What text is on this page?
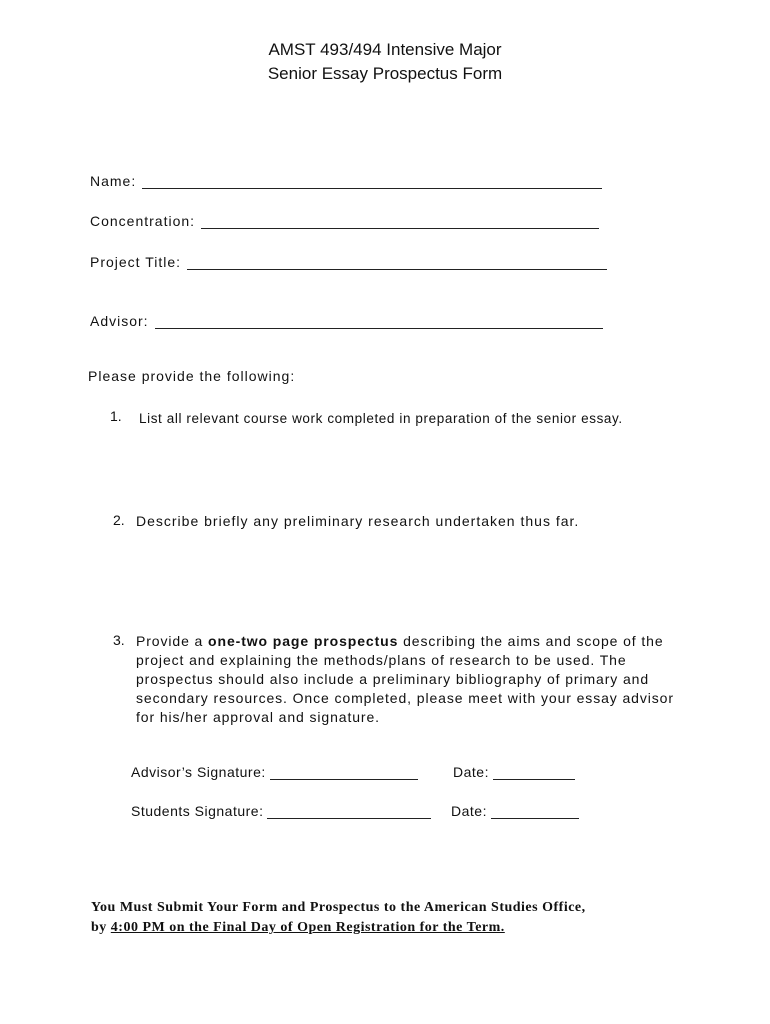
AMST 493/494 Intensive Major
Senior Essay Prospectus Form
Name:
Concentration:
Project Title:
Advisor:
Please provide the following:
1. List all relevant course work completed in preparation of the senior essay.
2. Describe briefly any preliminary research undertaken thus far.
3. Provide a one-two page prospectus describing the aims and scope of the project and explaining the methods/plans of research to be used. The prospectus should also include a preliminary bibliography of primary and secondary resources. Once completed, please meet with your essay advisor for his/her approval and signature.
Advisor’s Signature:	Date:
Students Signature:	Date:
You Must Submit Your Form and Prospectus to the American Studies Office,
by 4:00 PM on the Final Day of Open Registration for the Term.
